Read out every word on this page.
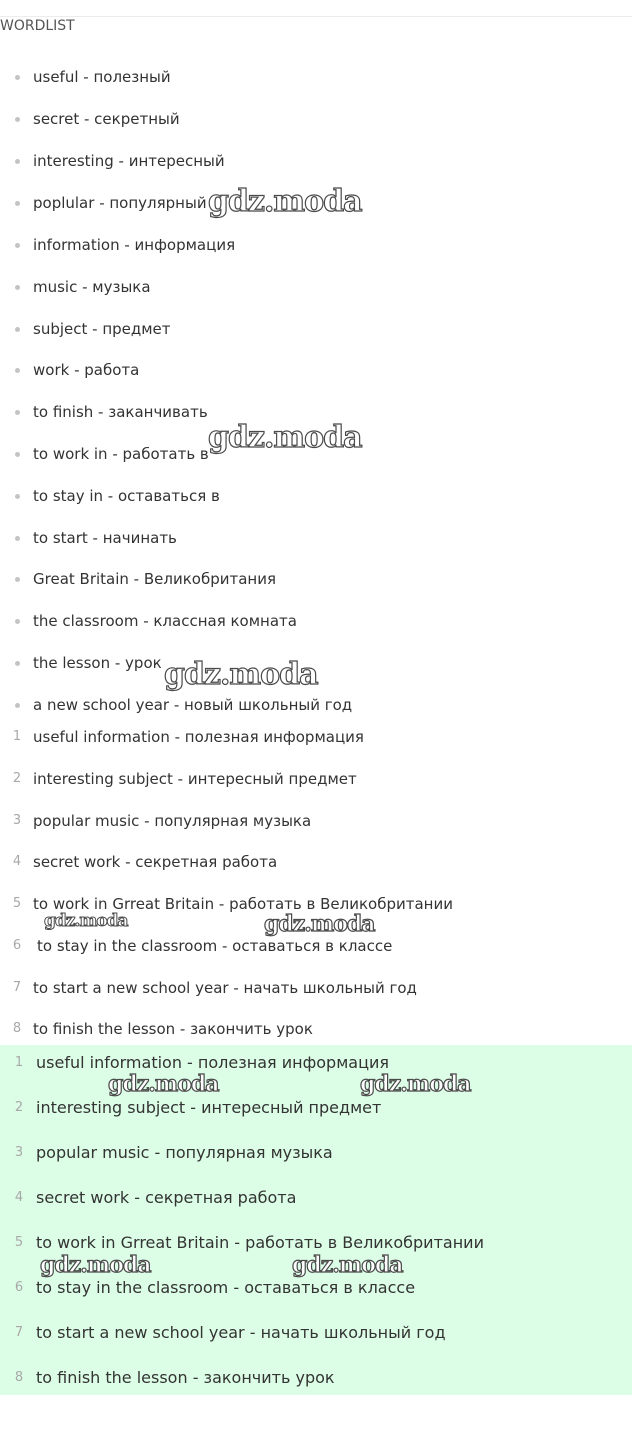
WORDLIST
useful - полезный
secret - секретный
interesting - интересный
poplular - популярный
information - информация
music - музыка
subject - предмет
work - работа
to finish - заканчивать
to work in - работать в
to stay in - оставаться в
to start - начинать
Great Britain - Великобритания
the classroom - классная комната
the lesson - урок
a new school year - новый школьный год
1 useful information - полезная информация
2 interesting subject - интересный предмет
3 popular music - популярная музыка
4 secret work - секретная работа
5 to work in Grreat Britain - работать в Великобритании
6 to stay in the classroom - оставаться в классе
7 to start a new school year - начать школьный год
8 to finish the lesson - закончить урок
1 useful information - полезная информация
2 interesting subject - интересный предмет
3 popular music - популярная музыка
4 secret work - секретная работа
5 to work in Grreat Britain - работать в Великобритании
6 to stay in the classroom - оставаться в классе
7 to start a new school year - начать школьный год
8 to finish the lesson - закончить урок
gdz.moda
gdz.moda
gdz.moda
gdz.moda	gdz.moda
gdz.moda	gdz.moda
gdz.moda	gdz.moda
